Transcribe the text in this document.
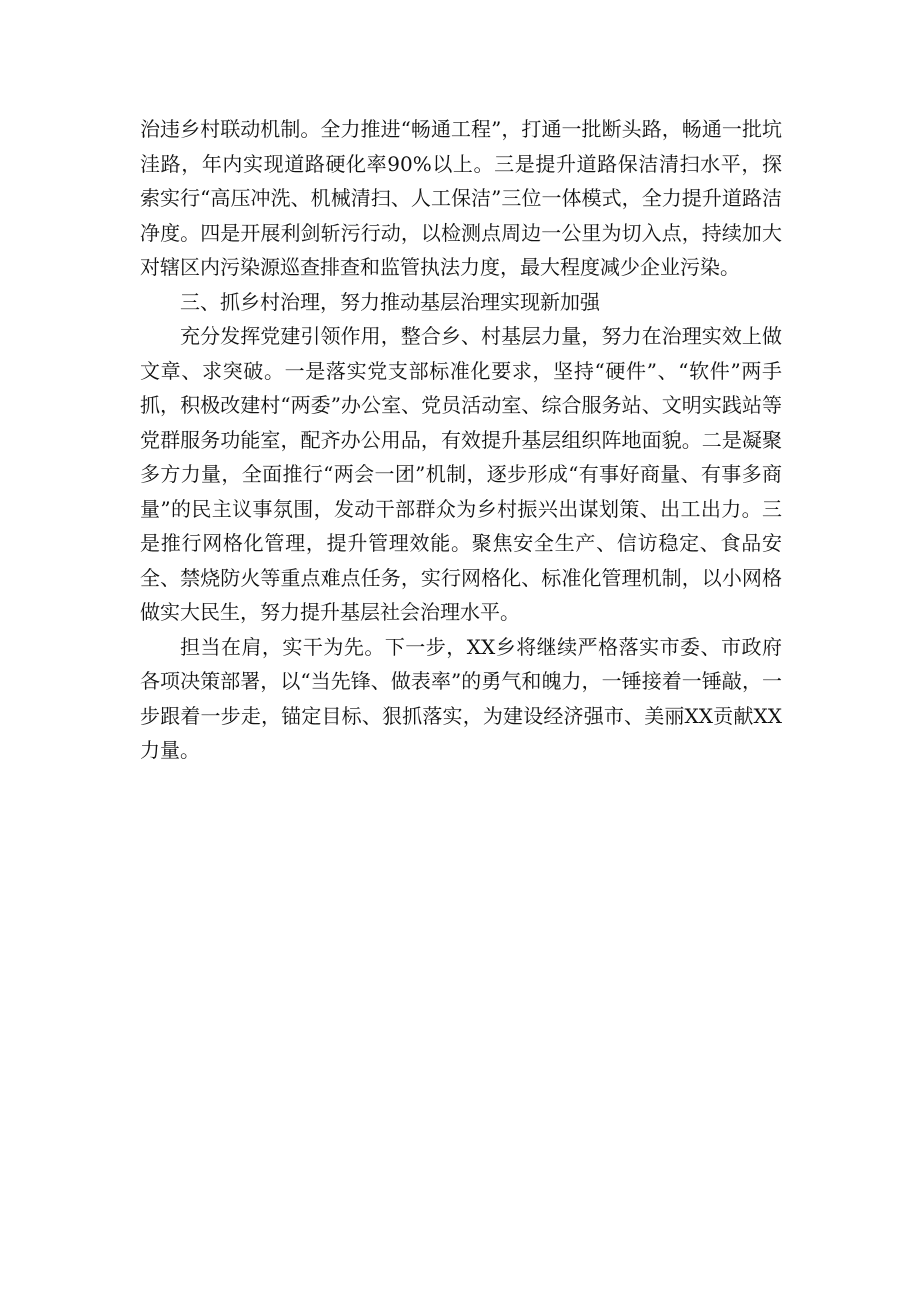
治违乡村联动机制。全力推进“畅通工程”，打通一批断头路，畅通一批坑洼路，年内实现道路硬化率90%以上。三是提升道路保洁清扫水平，探索实行“高压冲洗、机械清扫、人工保洁”三位一体模式，全力提升道路洁净度。四是开展利剑斩污行动，以检测点周边一公里为切入点，持续加大对辖区内污染源巡查排查和监管执法力度，最大程度减少企业污染。

三、抓乡村治理，努力推动基层治理实现新加强

充分发挥党建引领作用，整合乡、村基层力量，努力在治理实效上做文章、求突破。一是落实党支部标准化要求，坚持“硬件”、“软件”两手抓，积极改建村“两委”办公室、党员活动室、综合服务站、文明实践站等党群服务功能室，配齐办公用品，有效提升基层组织阵地面貌。二是凝聚多方力量，全面推行“两会一团”机制，逐步形成“有事好商量、有事多商量”的民主议事氛围，发动干部群众为乡村振兴出谋划策、出工出力。三是推行网格化管理，提升管理效能。聚焦安全生产、信访稳定、食品安全、禁烧防火等重点难点任务，实行网格化、标准化管理机制，以小网格做实大民生，努力提升基层社会治理水平。

担当在肩，实干为先。下一步，XX乡将继续严格落实市委、市政府各项决策部署，以“当先锋、做表率”的勇气和魄力，一锤接着一锤敲，一步跟着一步走，锚定目标、狠抓落实，为建设经济强市、美丽XX贡献XX力量。
